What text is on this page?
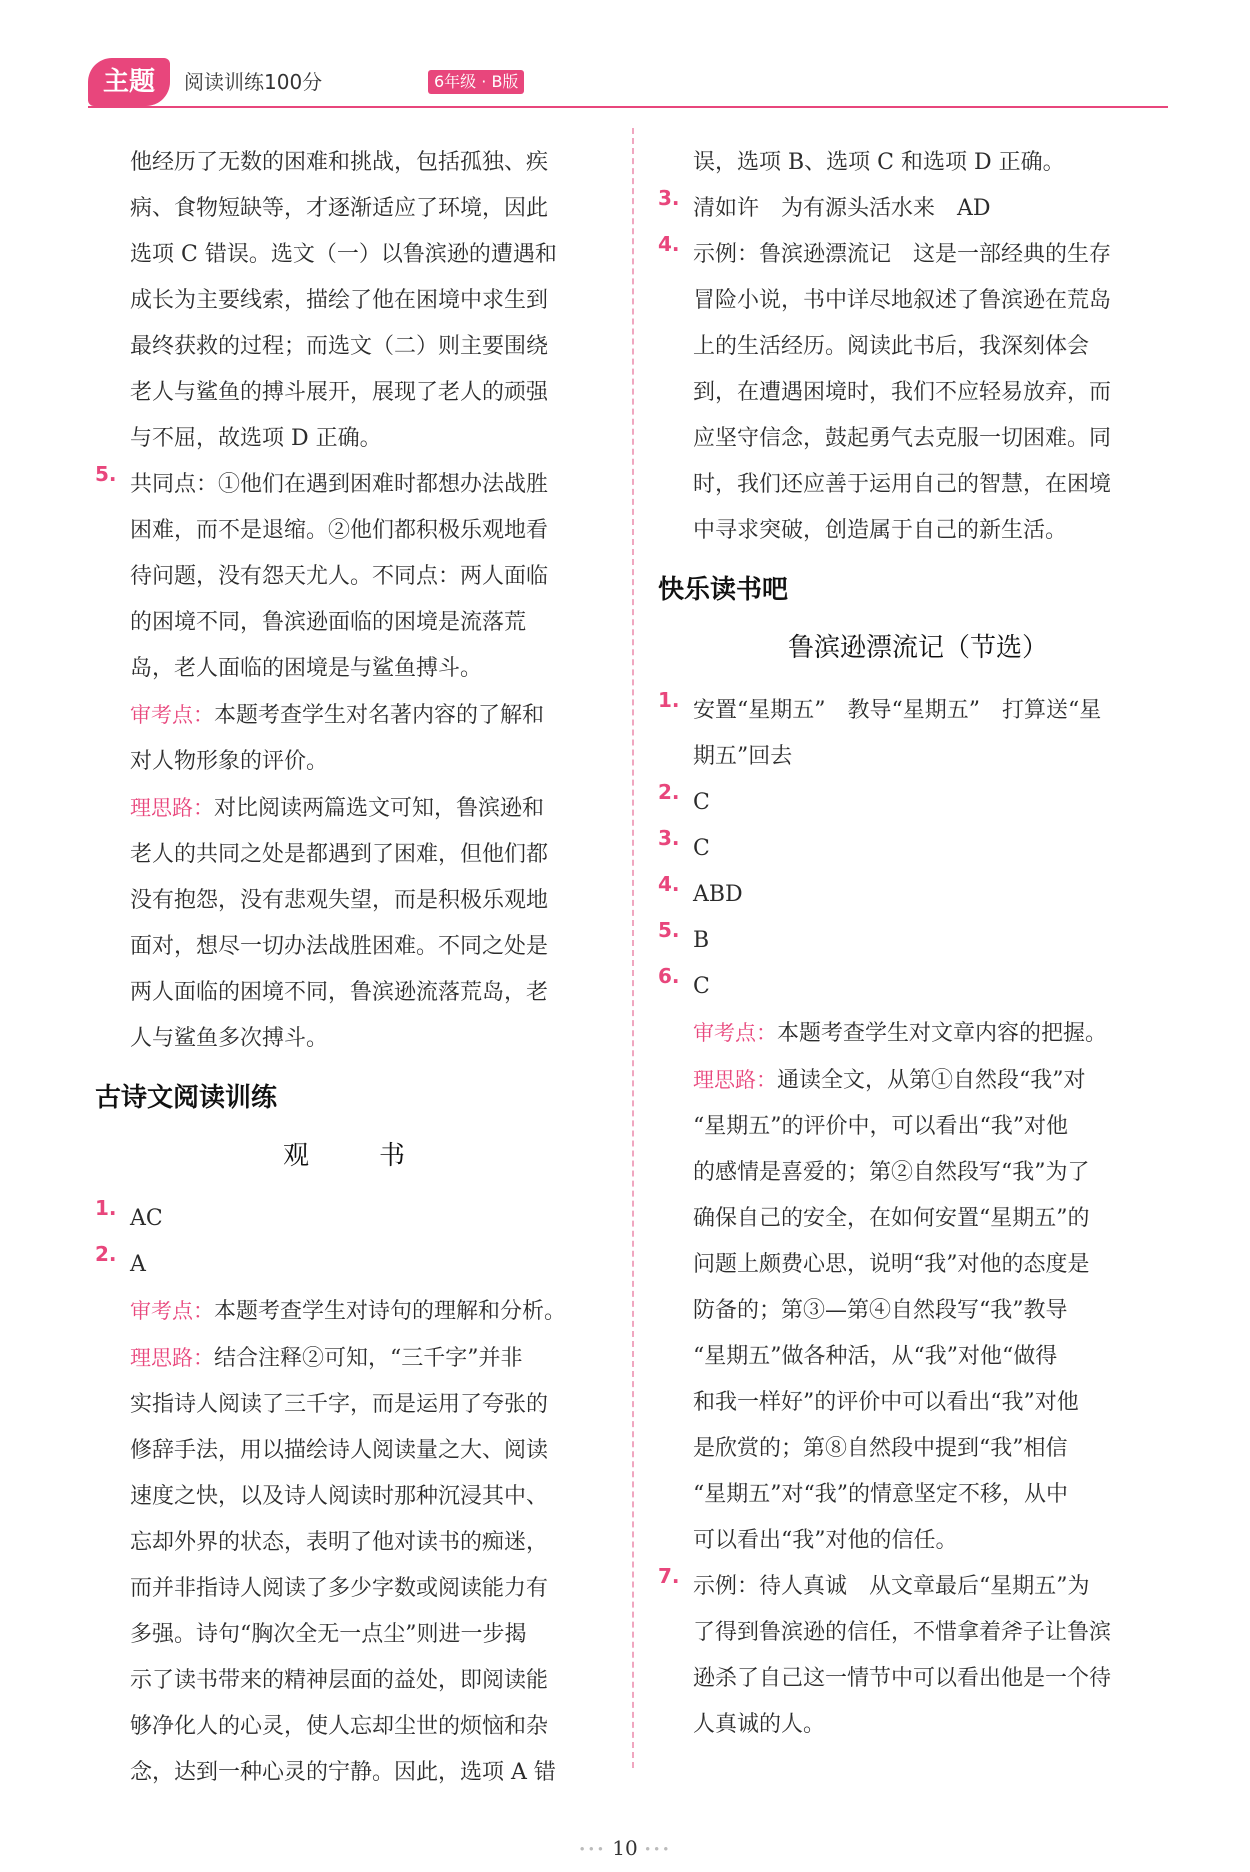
主题	阅读训练100分	6年级 · B版

他经历了无数的困难和挑战，包括孤独、疾

病、食物短缺等，才逐渐适应了环境，因此

选项 C 错误。选文（一）以鲁滨逊的遭遇和

成长为主要线索，描绘了他在困境中求生到

最终获救的过程；而选文（二）则主要围绕

老人与鲨鱼的搏斗展开，展现了老人的顽强

与不屈，故选项 D 正确。

5. 共同点：①他们在遇到困难时都想办法战胜

困难，而不是退缩。②他们都积极乐观地看

待问题，没有怨天尤人。不同点：两人面临

的困境不同，鲁滨逊面临的困境是流落荒

岛，老人面临的困境是与鲨鱼搏斗。

审考点：本题考查学生对名著内容的了解和

对人物形象的评价。

理思路：对比阅读两篇选文可知，鲁滨逊和

老人的共同之处是都遇到了困难，但他们都

没有抱怨，没有悲观失望，而是积极乐观地

面对，想尽一切办法战胜困难。不同之处是

两人面临的困境不同，鲁滨逊流落荒岛，老

人与鲨鱼多次搏斗。

古诗文阅读训练
观　书
1. AC

2. A

审考点：本题考查学生对诗句的理解和分析。

理思路：结合注释②可知，“三千字”并非

实指诗人阅读了三千字，而是运用了夸张的

修辞手法，用以描绘诗人阅读量之大、阅读

速度之快，以及诗人阅读时那种沉浸其中、

忘却外界的状态，表明了他对读书的痴迷，

而并非指诗人阅读了多少字数或阅读能力有

多强。诗句“胸次全无一点尘”则进一步揭

示了读书带来的精神层面的益处，即阅读能

够净化人的心灵，使人忘却尘世的烦恼和杂

念，达到一种心灵的宁静。因此，选项 A 错

误，选项 B、选项 C 和选项 D 正确。

3. 清如许　为有源头活水来　AD

4. 示例：鲁滨逊漂流记　这是一部经典的生存

冒险小说，书中详尽地叙述了鲁滨逊在荒岛

上的生活经历。阅读此书后，我深刻体会

到，在遭遇困境时，我们不应轻易放弃，而

应坚守信念，鼓起勇气去克服一切困难。同

时，我们还应善于运用自己的智慧，在困境

中寻求突破，创造属于自己的新生活。

快乐读书吧
鲁滨逊漂流记（节选）
1. 安置“星期五”　教导“星期五”　打算送“星

期五”回去

2. C

3. C

4. ABD

5. B

6. C

审考点：本题考查学生对文章内容的把握。

理思路：通读全文，从第①自然段“我”对

“星期五”的评价中，可以看出“我”对他

的感情是喜爱的；第②自然段写“我”为了

确保自己的安全，在如何安置“星期五”的

问题上颇费心思，说明“我”对他的态度是

防备的；第③—第④自然段写“我”教导

“星期五”做各种活，从“我”对他“做得

和我一样好”的评价中可以看出“我”对他

是欣赏的；第⑧自然段中提到“我”相信

“星期五”对“我”的情意坚定不移，从中

可以看出“我”对他的信任。

7. 示例：待人真诚　从文章最后“星期五”为

了得到鲁滨逊的信任，不惜拿着斧子让鲁滨

逊杀了自己这一情节中可以看出他是一个待

人真诚的人。

••• 10 •••
